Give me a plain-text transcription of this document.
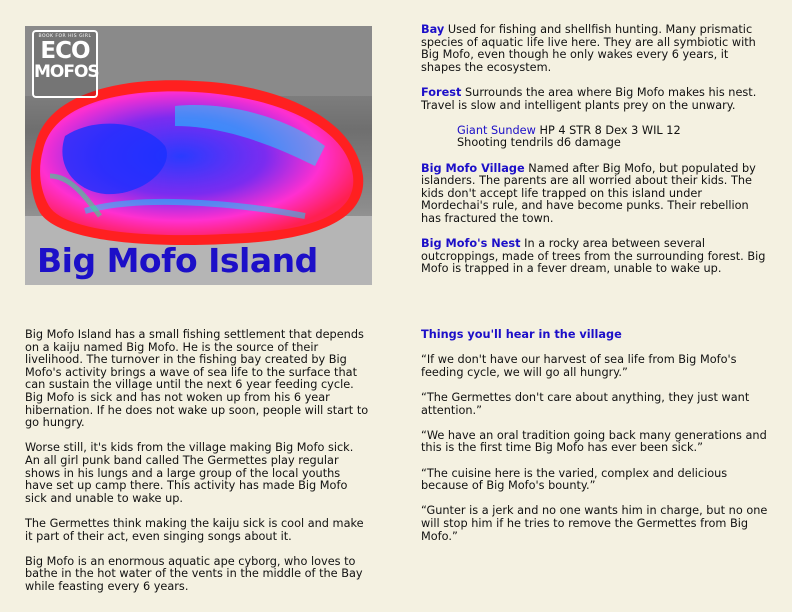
BOOK FOR HIS GIRL
ECO
MOFOS
Big Mofo Island

Bay Used for fishing and shellfish hunting. Many prismatic species of aquatic life live here. They are all symbiotic with Big Mofo, even though he only wakes every 6 years, it shapes the ecosystem.

Forest Surrounds the area where Big Mofo makes his nest. Travel is slow and intelligent plants prey on the unwary.

Giant Sundew HP 4 STR 8 Dex 3 WIL 12
Shooting tendrils d6 damage

Big Mofo Village Named after Big Mofo, but populated by islanders. The parents are all worried about their kids. The kids don't accept life trapped on this island under Mordechai's rule, and have become punks. Their rebellion has fractured the town.

Big Mofo's Nest In a rocky area between several outcroppings, made of trees from the surrounding forest. Big Mofo is trapped in a fever dream, unable to wake up.

Big Mofo Island has a small fishing settlement that depends on a kaiju named Big Mofo. He is the source of their livelihood. The turnover in the fishing bay created by Big Mofo's activity brings a wave of sea life to the surface that can sustain the village until the next 6 year feeding cycle. Big Mofo is sick and has not woken up from his 6 year hibernation. If he does not wake up soon, people will start to go hungry.

Worse still, it's kids from the village making Big Mofo sick. An all girl punk band called The Germettes play regular shows in his lungs and a large group of the local youths have set up camp there. This activity has made Big Mofo sick and unable to wake up.

The Germettes think making the kaiju sick is cool and make it part of their act, even singing songs about it.

Big Mofo is an enormous aquatic ape cyborg, who loves to bathe in the hot water of the vents in the middle of the Bay while feasting every 6 years.

Things you'll hear in the village

“If we don't have our harvest of sea life from Big Mofo's feeding cycle, we will go all hungry.”

“The Germettes don't care about anything, they just want attention.”

“We have an oral tradition going back many generations and this is the first time Big Mofo has ever been sick.”

“The cuisine here is the varied, complex and delicious because of Big Mofo's bounty.”

“Gunter is a jerk and no one wants him in charge, but no one will stop him if he tries to remove the Germettes from Big Mofo.”
